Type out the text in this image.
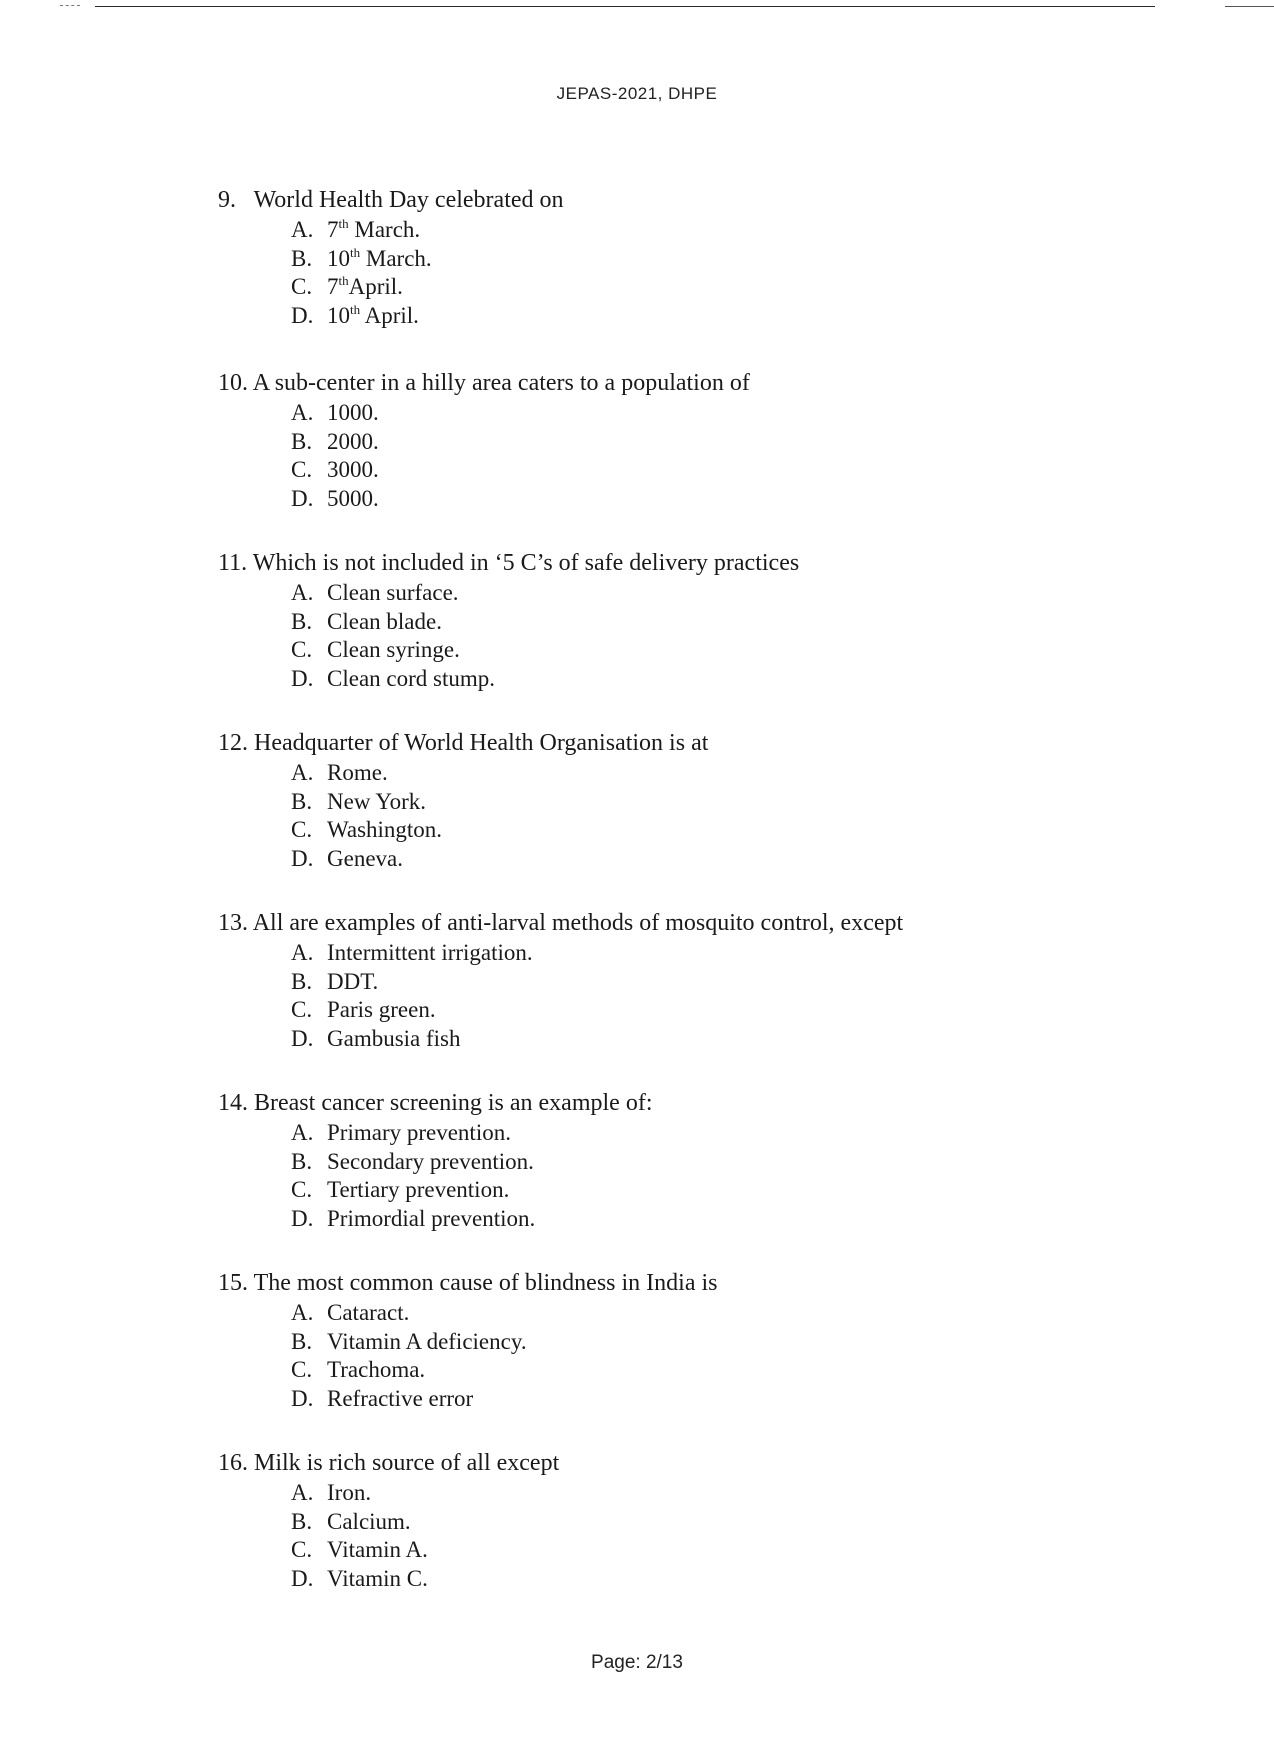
JEPAS-2021, DHPE
9. World Health Day celebrated on
A. 7th March.
B. 10th March.
C. 7thApril.
D. 10th April.
10. A sub-center in a hilly area caters to a population of
A. 1000.
B. 2000.
C. 3000.
D. 5000.
11. Which is not included in ‘5 C’s of safe delivery practices
A. Clean surface.
B. Clean blade.
C. Clean syringe.
D. Clean cord stump.
12. Headquarter of World Health Organisation is at
A. Rome.
B. New York.
C. Washington.
D. Geneva.
13. All are examples of anti-larval methods of mosquito control, except
A. Intermittent irrigation.
B. DDT.
C. Paris green.
D. Gambusia fish
14. Breast cancer screening is an example of:
A. Primary prevention.
B. Secondary prevention.
C. Tertiary prevention.
D. Primordial prevention.
15. The most common cause of blindness in India is
A. Cataract.
B. Vitamin A deficiency.
C. Trachoma.
D. Refractive error
16. Milk is rich source of all except
A. Iron.
B. Calcium.
C. Vitamin A.
D. Vitamin C.
Page: 2/13
